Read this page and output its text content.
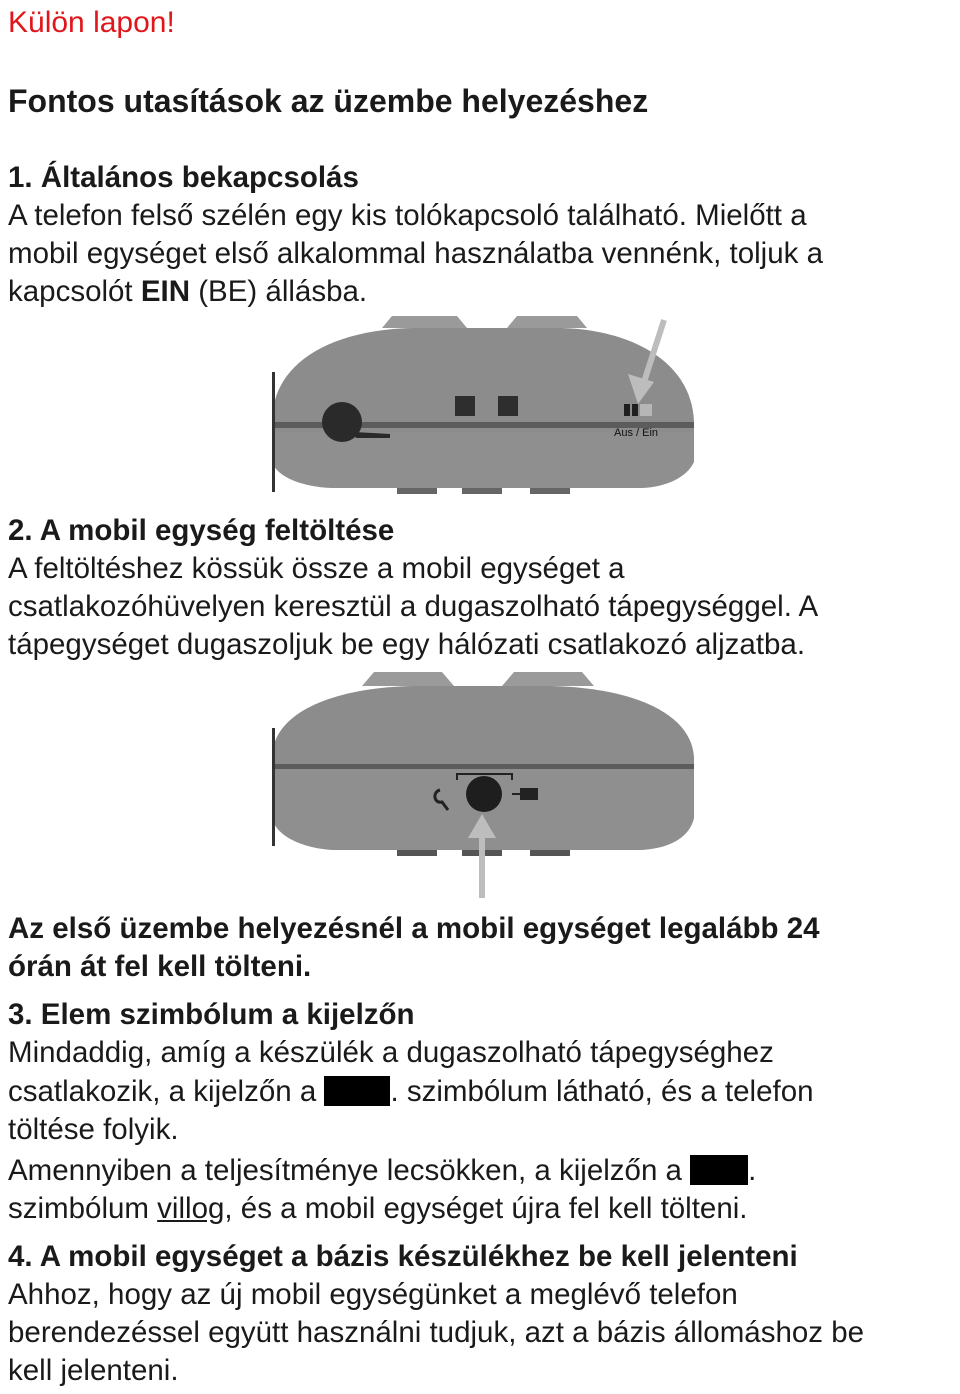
Külön lapon!

Fontos utasítások az üzembe helyezéshez

1. Általános bekapcsolás

A telefon felső szélén egy kis tolókapcsoló található. Mielőtt a

mobil egységet első alkalommal használatba vennénk, toljuk a

kapcsolót EIN (BE) állásba.

Aus / Ein

2. A mobil egység feltöltése

A feltöltéshez kössük össze a mobil egységet a

csatlakozóhüvelyen keresztül a dugaszolható tápegységgel. A

tápegységet dugaszoljuk be egy hálózati csatlakozó aljzatba.

Az első üzembe helyezésnél a mobil egységet legalább 24

órán át fel kell tölteni.

3. Elem szimbólum a kijelzőn

Mindaddig, amíg a készülék a dugaszolható tápegységhez

csatlakozik, a kijelzőn a . szimbólum látható, és a telefon

töltése folyik.

Amennyiben a teljesítménye lecsökken, a kijelzőn a .

szimbólum villog, és a mobil egységet újra fel kell tölteni.

4. A mobil egységet a bázis készülékhez be kell jelenteni

Ahhoz, hogy az új mobil egységünket a meglévő telefon

berendezéssel együtt használni tudjuk, azt a bázis állomáshoz be

kell jelenteni.
